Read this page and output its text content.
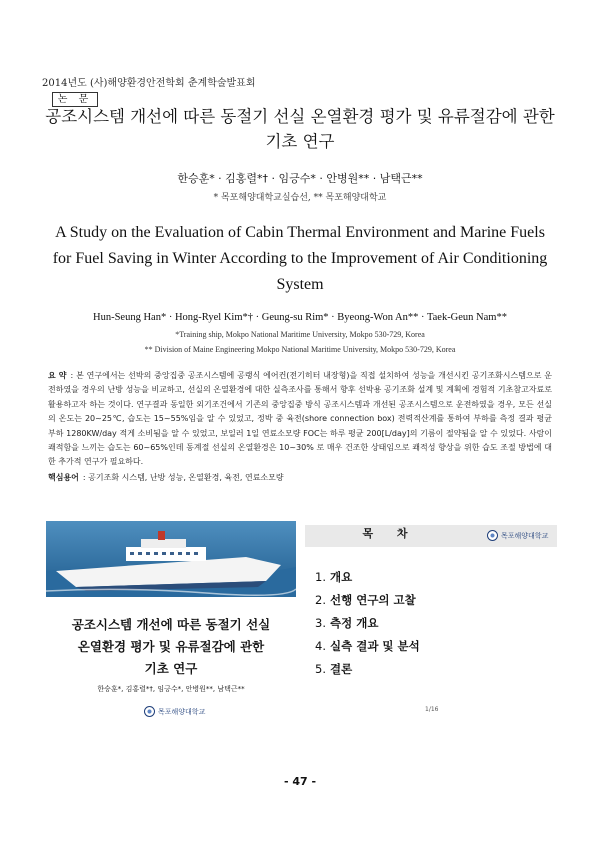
2014년도 (사)해양환경안전학회 춘계학술발표회
논 문
공조시스템 개선에 따른 동절기 선실 온열환경 평가 및 유류절감에 관한 기초 연구
한승훈* · 김홍렬*† · 임긍수* · 안병원** · 남택근**
* 목포해양대학교실습선, ** 목포해양대학교
A Study on the Evaluation of Cabin Thermal Environment and Marine Fuels for Fuel Saving in Winter According to the Improvement of Air Conditioning System
Hun-Seung Han* · Hong-Ryel Kim*† · Geung-su Rim* · Byeong-Won An** · Taek-Geun Nam**
*Training ship, Mokpo National Maritime University, Mokpo 530-729, Korea
** Division of Maine Engineering Mokpo National Maritime University, Mokpo 530-729, Korea
요 약 : 본 연구에서는 선박의 중앙집중 공조시스템에 공랭식 에어컨(전기히터 내장형)을 직접 설치하여 성능을 개선시킨 공기조화시스템으로 운전하였을 경우의 난방 성능을 비교하고, 선실의 온열환경에 대한 실측조사를 통해서 향후 선박용 공기조화 설계 및 계획에 경험적 기초참고자료로 활용하고자 하는 것이다. 연구결과 동일한 외기조건에서 기존의 중앙집중 방식 공조시스템과 개선된 공조시스템으로 운전하였을 경우, 모든 선실의 온도는 20~25℃, 습도는 15~55%임을 알 수 있었고, 정박 중 육전(shore connection box) 전력적산계를 통하여 부하를 측정 결과 평균 부하 1280KW/day 적게 소비됨을 알 수 있었고, 보일러 1일 연료소모량 FOC는 하루 평균 200[L/day]의 기름이 절약됨을 알 수 있었다. 사람이 쾌적함을 느끼는 습도는 60~65%인데 동계절 선실의 온열환경은 10~30% 로 매우 건조한 상태임으로 쾌적성 향상을 위한 습도 조절 방법에 대한 추가적 연구가 필요하다.
핵심용어 : 공기조화 시스템, 난방 성능, 온열환경, 육전, 연료소모량
공조시스템 개선에 따른 동절기 선실
온열환경 평가 및 유류절감에 관한
기초 연구
한승훈*, 김홍렬*†, 임긍수*, 안병원**, 남택근**
목포해양대학교
목 차	목포해양대학교
1. 개요
2. 선행 연구의 고찰
3. 측정 개요
4. 실측 결과 및 분석
5. 결론
1/16
- 47 -
